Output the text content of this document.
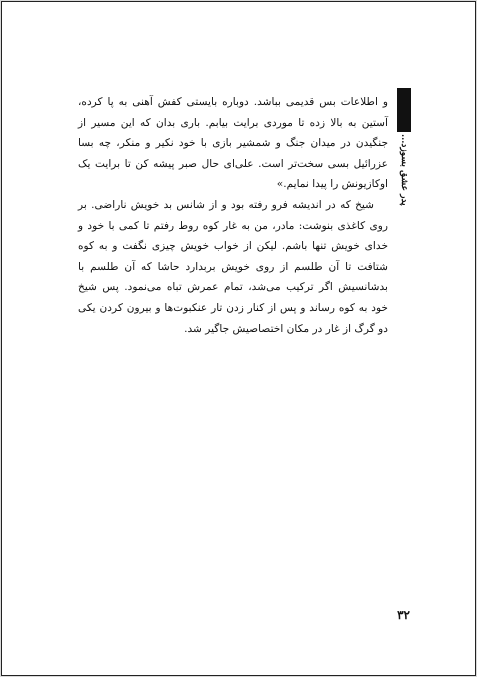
پدر عشق بسوزد...

و اطلاعات بس قدیمی بباشد. دوباره بایستی کفش آهنی به پا کرده، آستین به بالا زده تا موردی برایت بیابم. باری بدان که این مسیر از جنگیدن در میدان جنگ و شمشیر بازی با خود نکیر و منکر، چه بسا عزرائیل بسی سخت‌تر است. علی‌ای حال صبر پیشه کن تا برایت یک اوکازیونش را پیدا نمایم.»

شیخ که در اندیشه فرو رفته بود و از شانس بد خویش ناراضی. بر روی کاغذی بنوشت: مادر، من به غار کوه روط رفتم تا کمی با خود و خدای خویش تنها باشم. لیکن از خواب خویش چیزی نگفت و به کوه شتافت تا آن طلسم از روی خویش بربدارد حاشا که آن طلسم با بدشانسیش اگر ترکیب می‌شد، تمام عمرش تباه می‌نمود. پس شیخ خود به کوه رساند و پس از کنار زدن تار عنکبوت‌ها و بیرون کردن یکی دو گرگ از غار در مکان اختصاصیش جاگیر شد.

۳۲
